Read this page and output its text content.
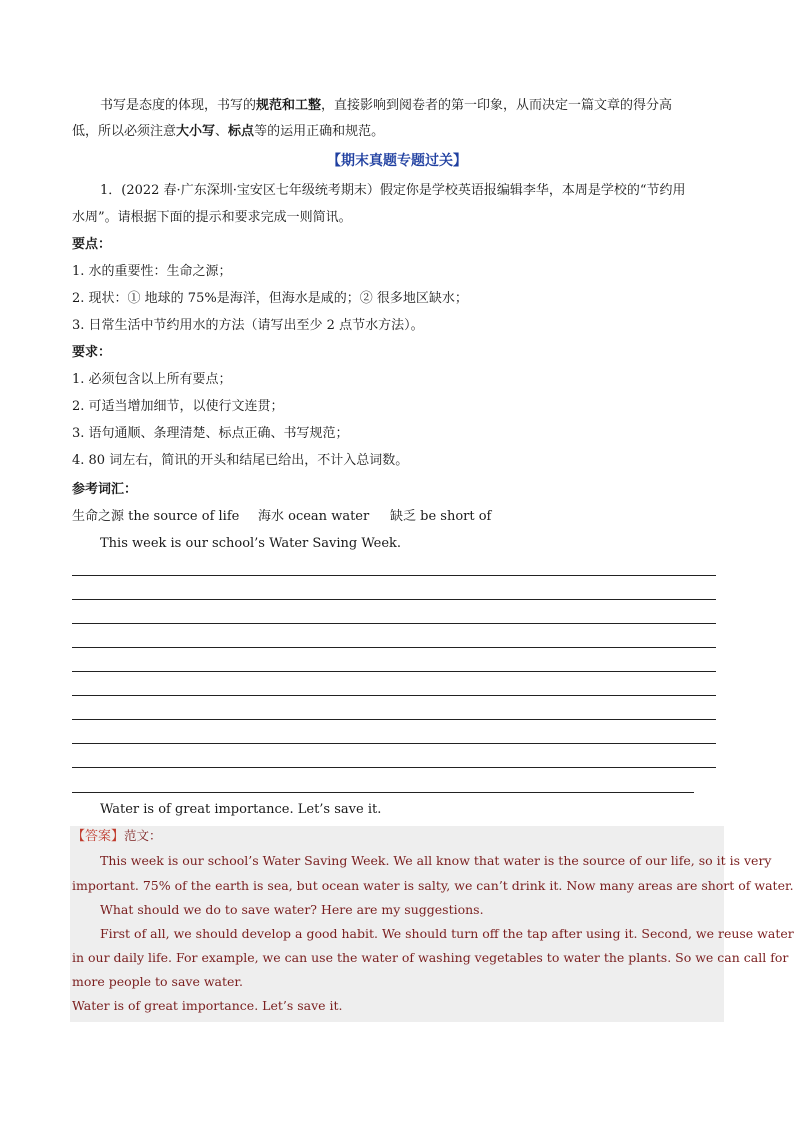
书写是态度的体现，书写的规范和工整，直接影响到阅卷者的第一印象，从而决定一篇文章的得分高
低，所以必须注意大小写、标点等的运用正确和规范。
【期末真题专题过关】
1．(2022 春·广东深圳·宝安区七年级统考期末）假定你是学校英语报编辑李华，本周是学校的“节约用
水周”。请根据下面的提示和要求完成一则简讯。
要点：
1. 水的重要性：生命之源；
2. 现状：① 地球的 75%是海洋，但海水是咸的；② 很多地区缺水；
3. 日常生活中节约用水的方法（请写出至少 2 点节水方法）。
要求：
1. 必须包含以上所有要点；
2. 可适当增加细节，以使行文连贯；
3. 语句通顺、条理清楚、标点正确、书写规范；
4. 80 词左右，简讯的开头和结尾已给出，不计入总词数。
参考词汇：
生命之源 the source of life 海水 ocean water 缺乏 be short of
This week is our school’s Water Saving Week.
Water is of great importance. Let’s save it.
【答案】范文：
This week is our school’s Water Saving Week. We all know that water is the source of our life, so it is very
important. 75% of the earth is sea, but ocean water is salty, we can’t drink it. Now many areas are short of water.
What should we do to save water? Here are my suggestions.
First of all, we should develop a good habit. We should turn off the tap after using it. Second, we reuse water
in our daily life. For example, we can use the water of washing vegetables to water the plants. So we can call for
more people to save water.
Water is of great importance. Let’s save it.
